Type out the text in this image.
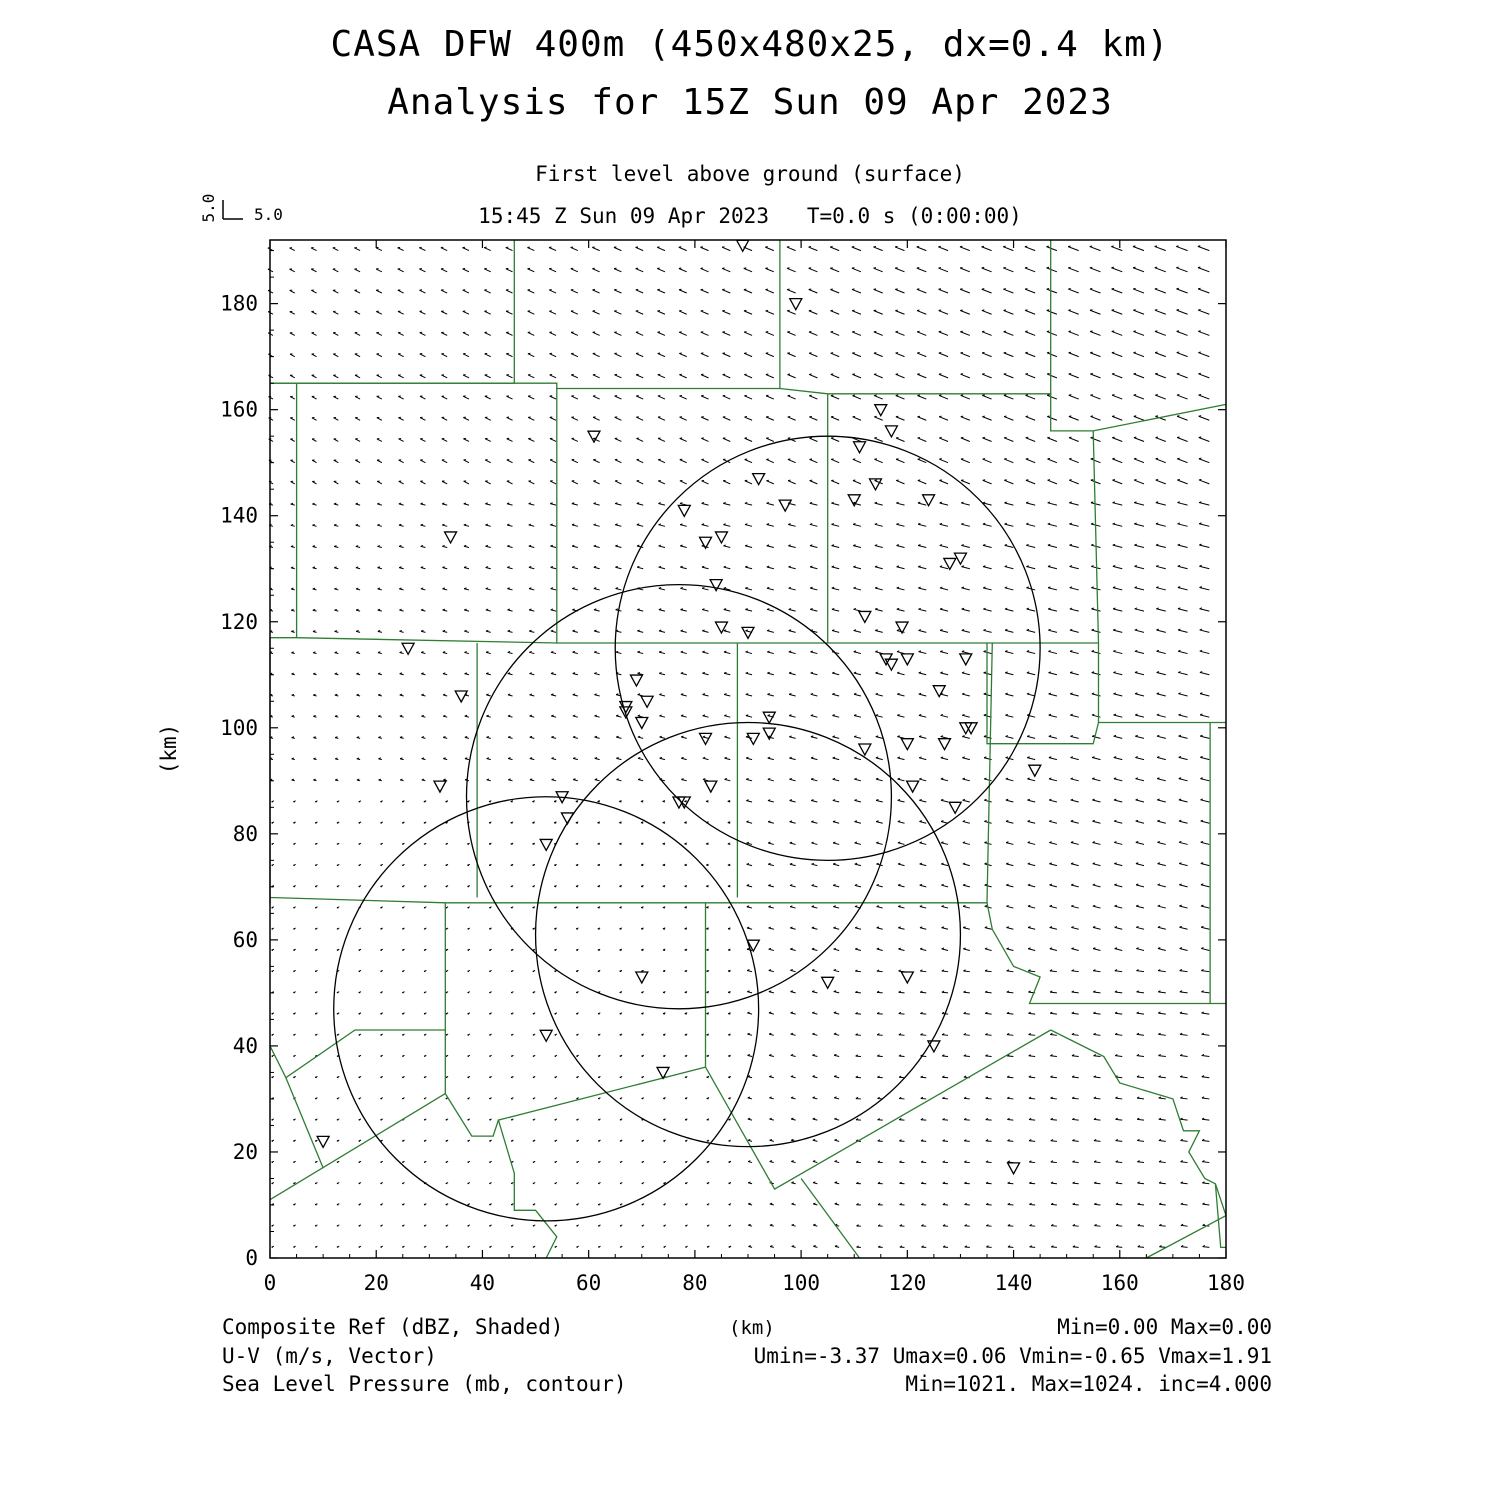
CASA DFW 400m (450x480x25, dx=0.4 km)
Analysis for 15Z Sun 09 Apr 2023
First level above ground (surface)
15:45 Z Sun 09 Apr 2023   T=0.0 s (0:00:00)
5.0 5.0
0	20	40	60	80	100	120	140	160	180
0
20
40
60
80
100
120
140
160
180
(km)
Composite Ref (dBZ, Shaded)	(km)	Min=0.00 Max=0.00
U-V (m/s, Vector)	Umin=-3.37 Umax=0.06 Vmin=-0.65 Vmax=1.91
Sea Level Pressure (mb, contour)	Min=1021. Max=1024. inc=4.000
